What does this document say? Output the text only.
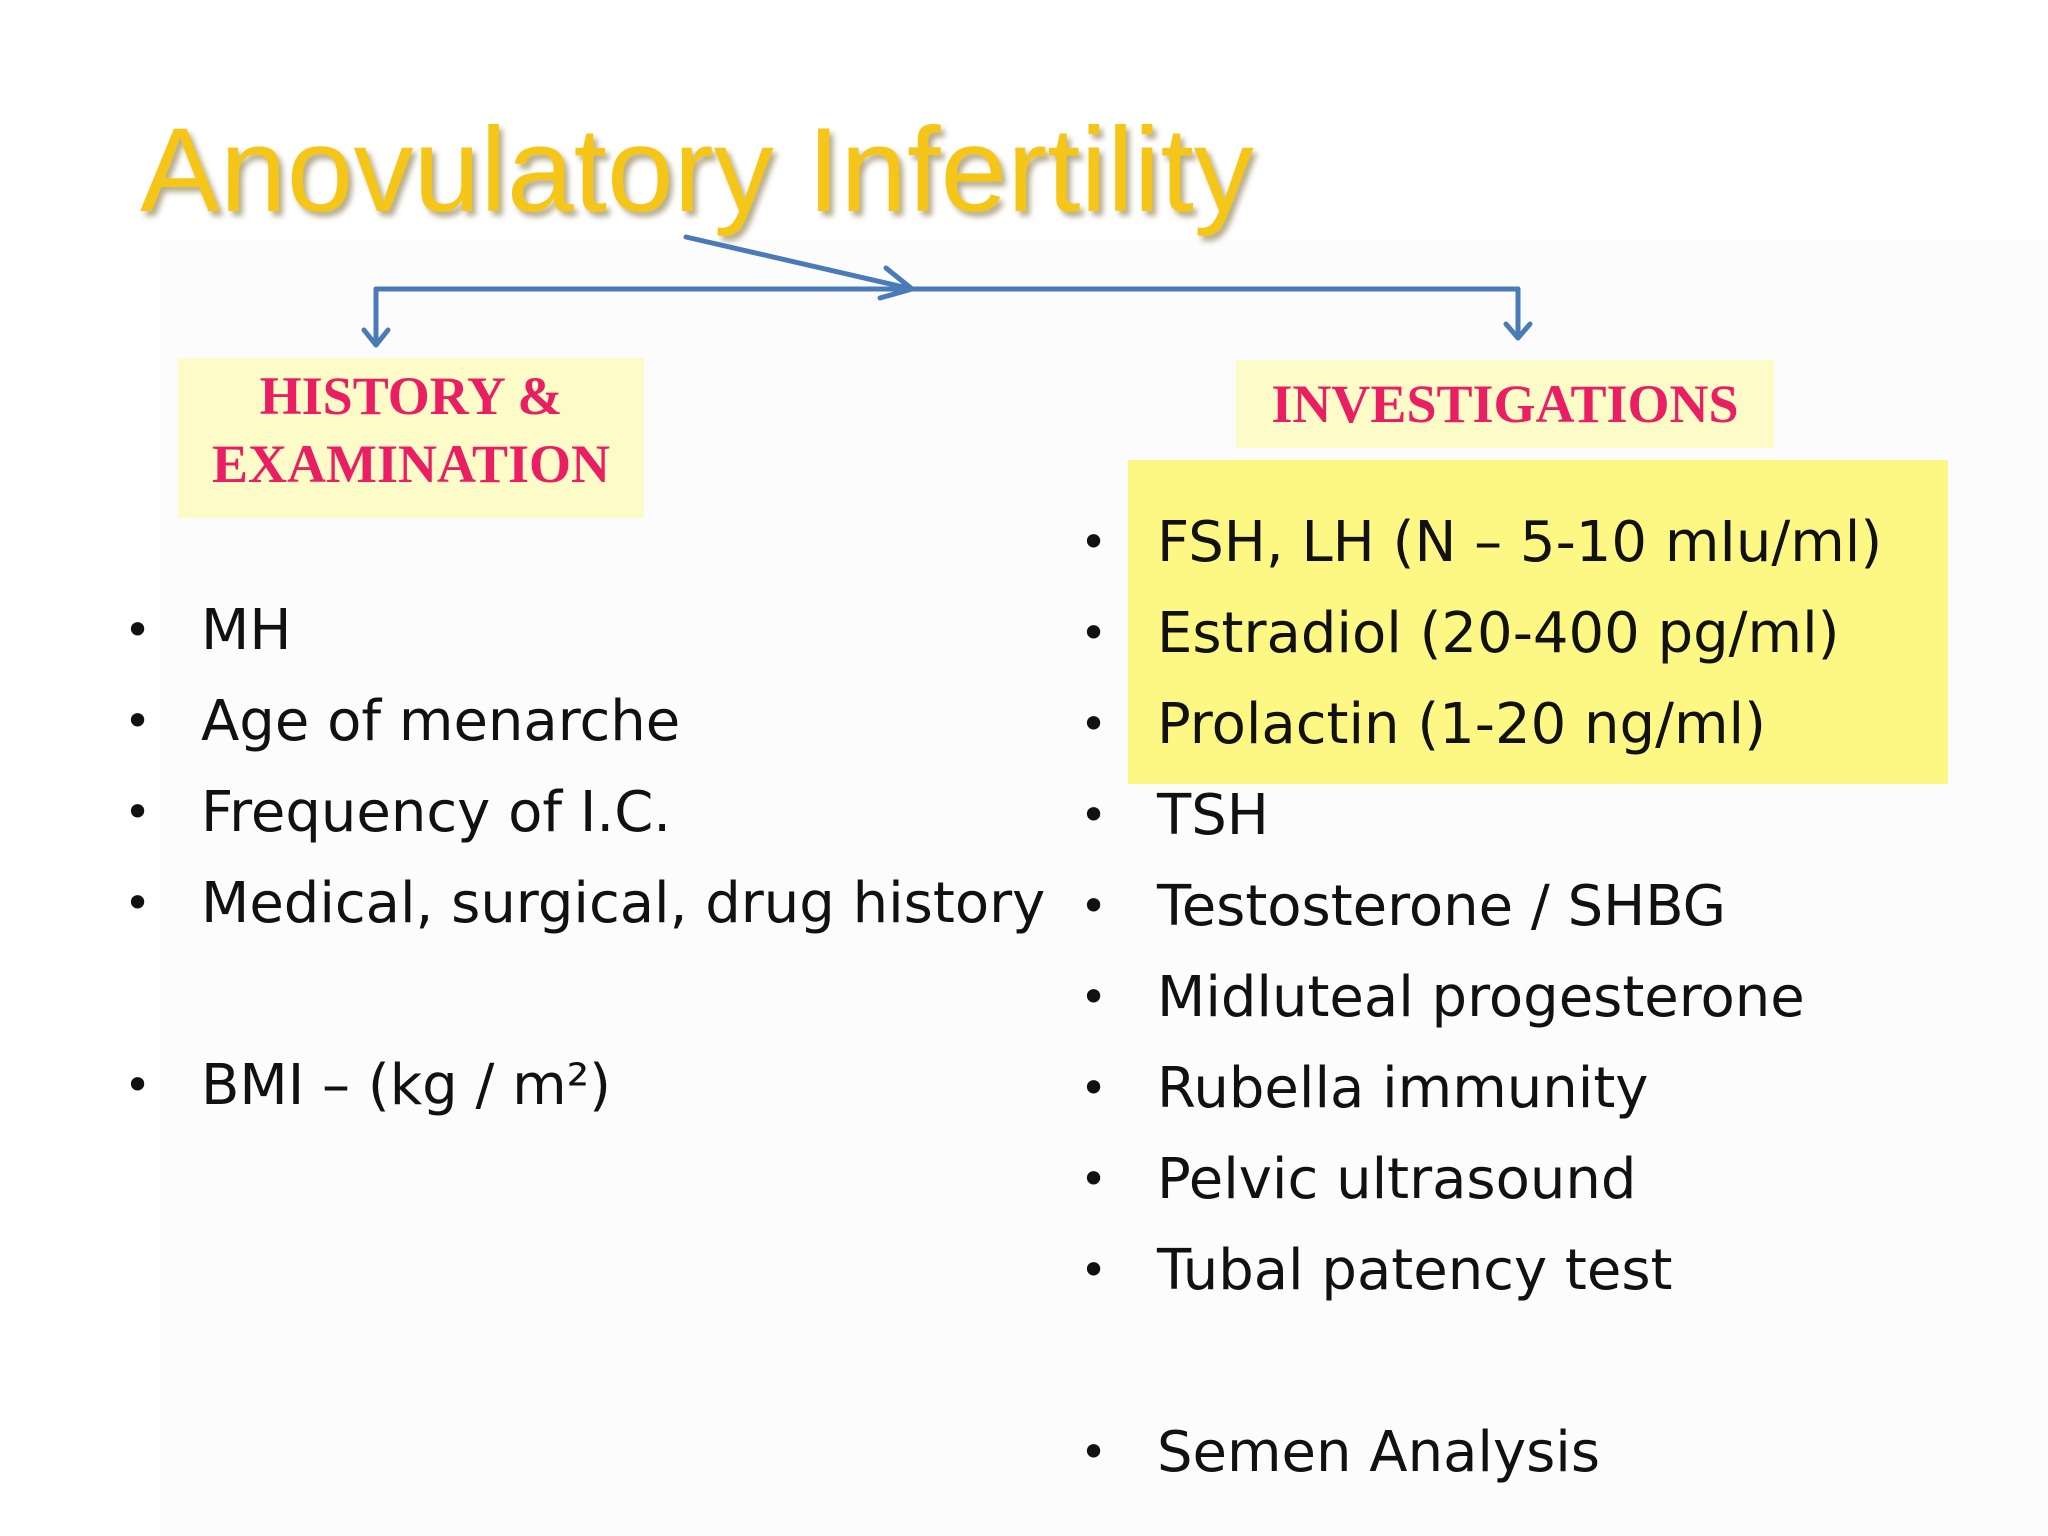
Anovulatory Infertility
HISTORY &
EXAMINATION
INVESTIGATIONS
• MH
• Age of menarche
• Frequency of I.C.
• Medical, surgical, drug history
• BMI – (kg / m²)
• FSH, LH (N – 5-10 mIu/ml)
• Estradiol (20-400 pg/ml)
• Prolactin (1-20 ng/ml)
• TSH
• Testosterone / SHBG
• Midluteal progesterone
• Rubella immunity
• Pelvic ultrasound
• Tubal patency test
• Semen Analysis
